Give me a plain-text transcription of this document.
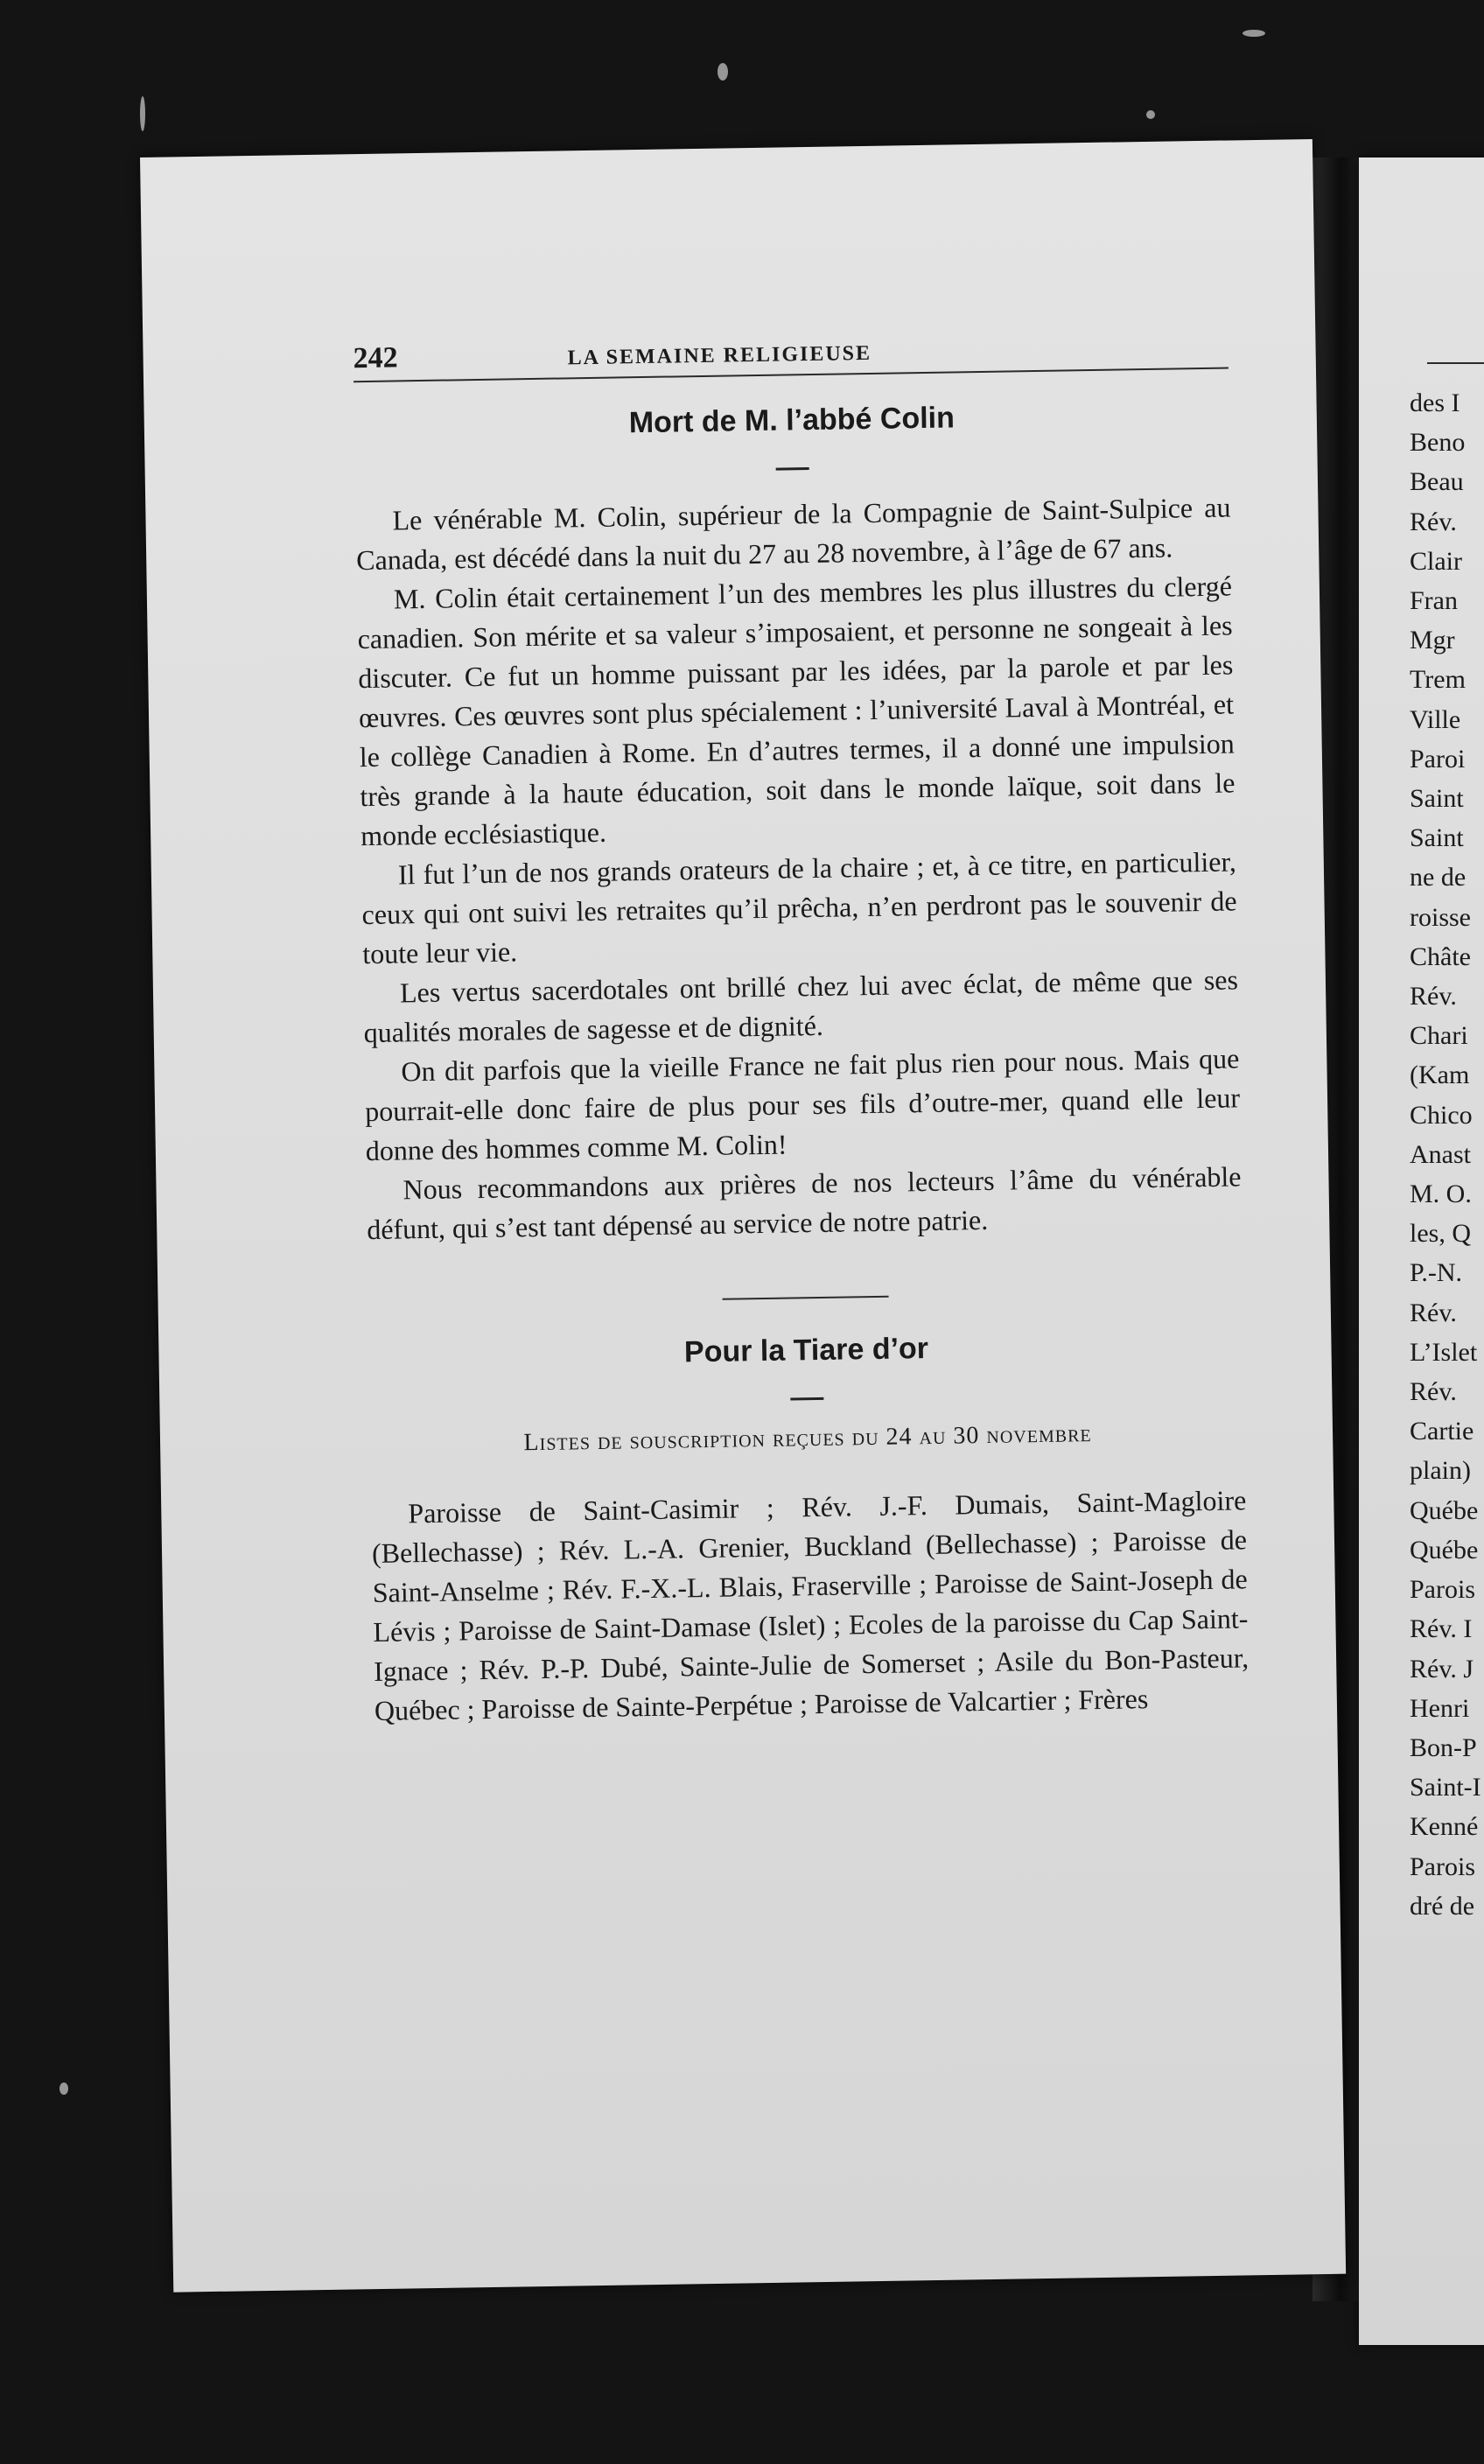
des I
Beno
Beau
Rév.
Clair
Fran
Mgr
Trem
Ville
Paroi
Saint
Saint
ne de
roisse
Châte
Rév.
Chari
(Kam
Chico
Anast
M. O.
les, Q
P.-N.
Rév.
L’Islet
Rév.
Cartie
plain)
Québe
Québe
Parois
Rév. I
Rév. J
Henri
Bon-P
Saint-I
Kenné
Parois
dré de
242	LA SEMAINE RELIGIEUSE
Mort de M. l’abbé Colin

Le vénérable M. Colin, supérieur de la Compagnie de Saint-Sulpice au Canada, est décédé dans la nuit du 27 au 28 novembre, à l’âge de 67 ans.

M. Colin était certainement l’un des membres les plus illustres du clergé canadien. Son mérite et sa valeur s’imposaient, et personne ne songeait à les discuter. Ce fut un homme puissant par les idées, par la parole et par les œuvres. Ces œuvres sont plus spécialement : l’université Laval à Montréal, et le collège Canadien à Rome. En d’autres termes, il a donné une impulsion très grande à la haute éducation, soit dans le monde laïque, soit dans le monde ecclésiastique.

Il fut l’un de nos grands orateurs de la chaire ; et, à ce titre, en particulier, ceux qui ont suivi les retraites qu’il prêcha, n’en perdront pas le souvenir de toute leur vie.

Les vertus sacerdotales ont brillé chez lui avec éclat, de même que ses qualités morales de sagesse et de dignité.

On dit parfois que la vieille France ne fait plus rien pour nous. Mais que pourrait-elle donc faire de plus pour ses fils d’outre-mer, quand elle leur donne des hommes comme M. Colin!

Nous recommandons aux prières de nos lecteurs l’âme du vénérable défunt, qui s’est tant dépensé au service de notre patrie.

Pour la Tiare d’or
Listes de souscription reçues du 24 au 30 novembre

Paroisse de Saint-Casimir ; Rév. J.-F. Dumais, Saint-Magloire (Bellechasse) ; Rév. L.-A. Grenier, Buckland (Bellechasse) ; Paroisse de Saint-Anselme ; Rév. F.-X.-L. Blais, Fraserville ; Paroisse de Saint-Joseph de Lévis ; Paroisse de Saint-Damase (Islet) ; Ecoles de la paroisse du Cap Saint-Ignace ; Rév. P.-P. Dubé, Sainte-Julie de Somerset ; Asile du Bon-Pasteur, Québec ; Paroisse de Sainte-Perpétue ; Paroisse de Valcartier ; Frères
